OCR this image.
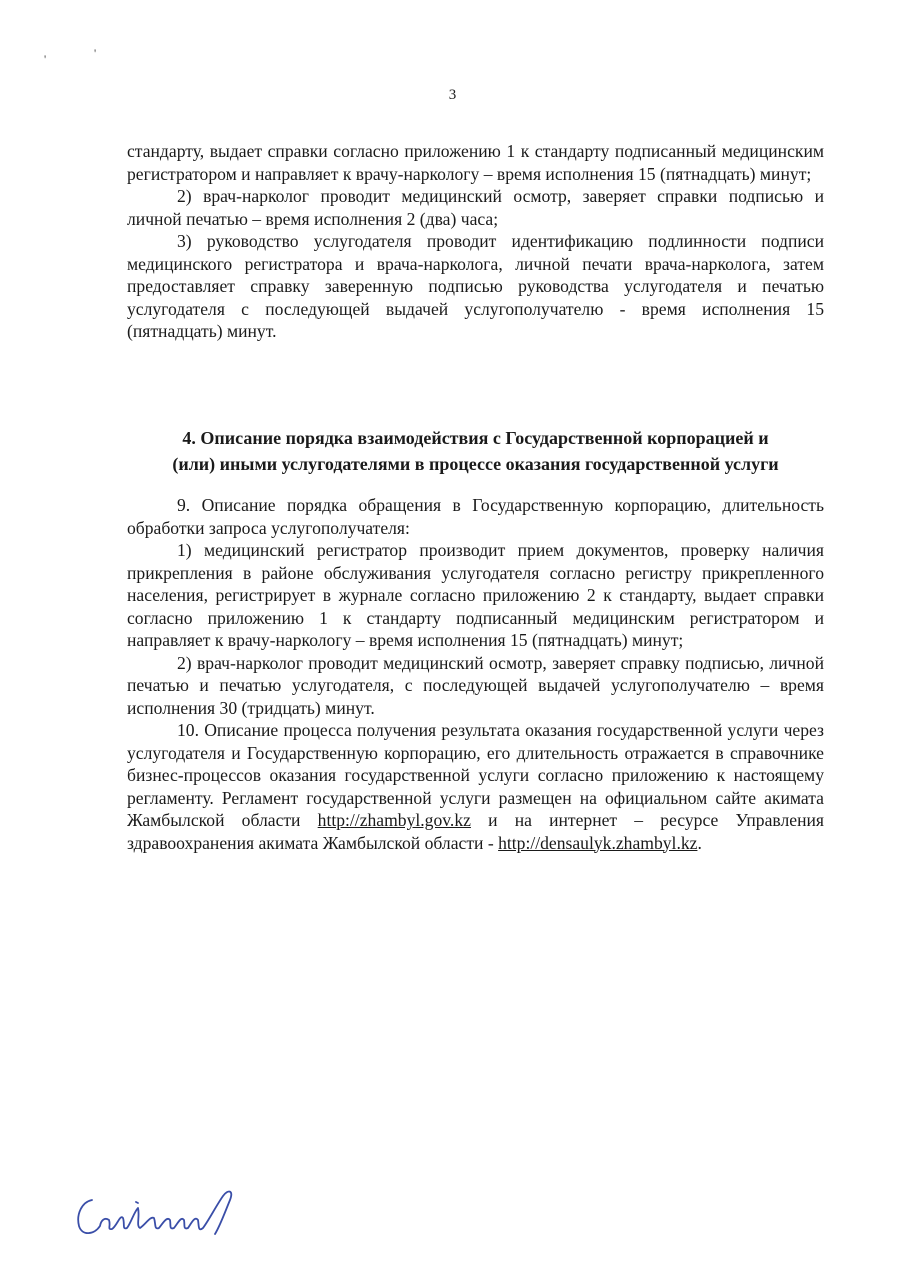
'	'
3

стандарту, выдает справки согласно приложению 1 к стандарту подписанный медицинским регистратором и направляет к врачу-наркологу – время исполнения 15 (пятнадцать) минут;

2) врач-нарколог проводит медицинский осмотр, заверяет справки подписью и личной печатью – время исполнения 2 (два) часа;

3) руководство услугодателя проводит идентификацию подлинности подписи медицинского регистратора и врача-нарколога, личной печати врача-нарколога, затем предоставляет справку заверенную подписью руководства услугодателя и печатью услугодателя с последующей выдачей услугополучателю - время исполнения 15 (пятнадцать) минут.

4. Описание порядка взаимодействия с Государственной корпорацией и
(или) иными услугодателями в процессе оказания государственной услуги

9. Описание порядка обращения в Государственную корпорацию, длительность обработки запроса услугополучателя:

1) медицинский регистратор производит прием документов, проверку наличия прикрепления в районе обслуживания услугодателя согласно регистру прикрепленного населения, регистрирует в журнале согласно приложению 2 к стандарту, выдает справки согласно приложению 1 к стандарту подписанный медицинским регистратором и направляет к врачу-наркологу – время исполнения 15 (пятнадцать) минут;

2) врач-нарколог проводит медицинский осмотр, заверяет справку подписью, личной печатью и печатью услугодателя, с последующей выдачей услугополучателю – время исполнения 30 (тридцать) минут.

10. Описание процесса получения результата оказания государственной услуги через услугодателя и Государственную корпорацию, его длительность отражается в справочнике бизнес-процессов оказания государственной услуги согласно приложению к настоящему регламенту. Регламент государственной услуги размещен на официальном сайте акимата Жамбылской области http://zhambyl.gov.kz и на интернет – ресурсе Управления здравоохранения акимата Жамбылской области - http://densaulyk.zhambyl.kz.
